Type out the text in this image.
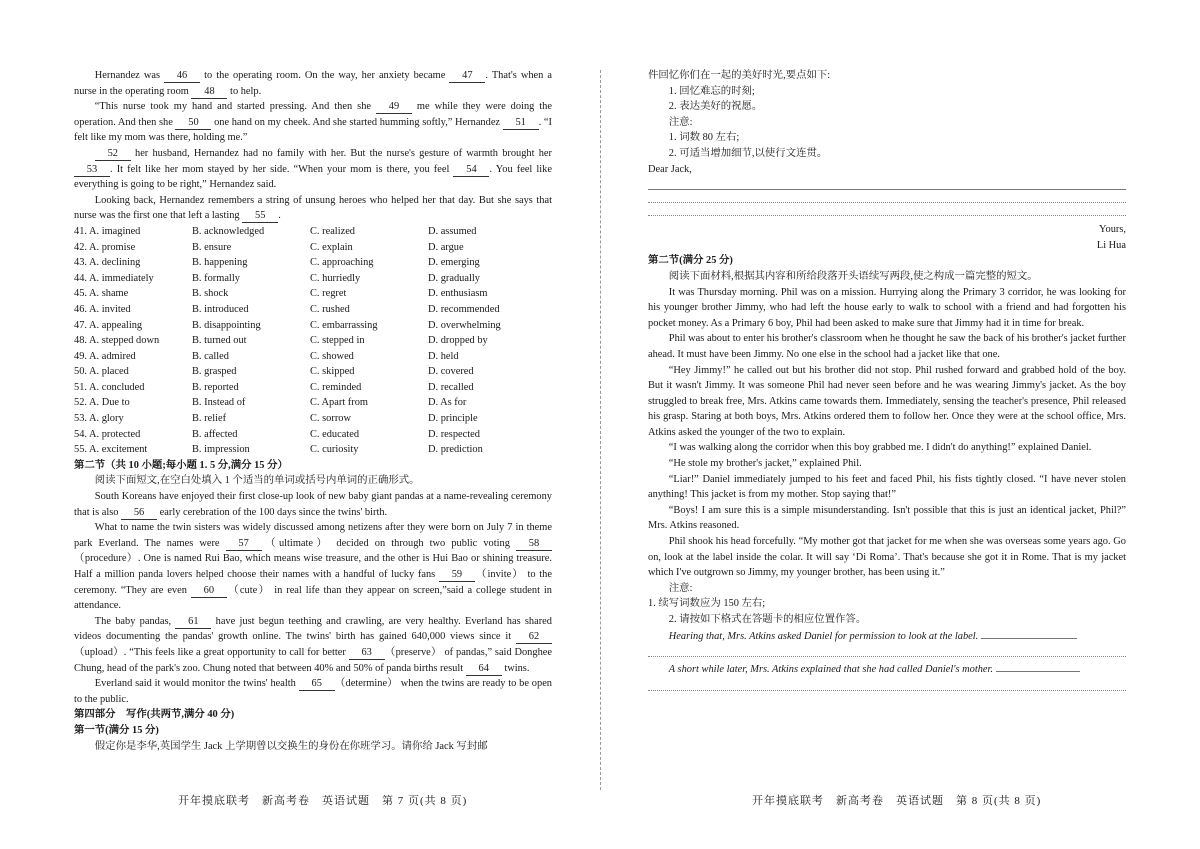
Hernandez was 46 to the operating room. On the way, her anxiety became 47 . That's when a nurse in the operating room 48 to help.

“This nurse took my hand and started pressing. And then she 49 me while they were doing the operation. And then she 50 one hand on my cheek. And she started humming softly,” Hernandez 51 . “I felt like my mom was there, holding me.”

52 her husband, Hernandez had no family with her. But the nurse's gesture of warmth brought her 53 . It felt like her mom stayed by her side. “When your mom is there, you feel 54 . You feel like everything is going to be right,” Hernandez said.

Looking back, Hernandez remembers a string of unsung heroes who helped her that day. But she says that nurse was the first one that left a lasting 55 .

41. A. imagined	B. acknowledged	C. realized	D. assumed
42. A. promise	B. ensure	C. explain	D. argue
43. A. declining	B. happening	C. approaching	D. emerging
44. A. immediately	B. formally	C. hurriedly	D. gradually
45. A. shame	B. shock	C. regret	D. enthusiasm
46. A. invited	B. introduced	C. rushed	D. recommended
47. A. appealing	B. disappointing	C. embarrassing	D. overwhelming
48. A. stepped down	B. turned out	C. stepped in	D. dropped by
49. A. admired	B. called	C. showed	D. held
50. A. placed	B. grasped	C. skipped	D. covered
51. A. concluded	B. reported	C. reminded	D. recalled
52. A. Due to	B. Instead of	C. Apart from	D. As for
53. A. glory	B. relief	C. sorrow	D. principle
54. A. protected	B. affected	C. educated	D. respected
55. A. excitement	B. impression	C. curiosity	D. prediction

第二节（共 10 小题;每小题 1. 5 分,满分 15 分）

阅读下面短文,在空白处填入 1 个适当的单词或括号内单词的正确形式。

South Koreans have enjoyed their first close-up look of new baby giant pandas at a name-revealing ceremony that is also 56 early cerebration of the 100 days since the twins' birth.

What to name the twin sisters was widely discussed among netizens after they were born on July 7 in theme park Everland. The names were 57 （ultimate） decided on through two public voting 58（procedure）. One is named Rui Bao, which means wise treasure, and the other is Hui Bao or shining treasure. Half a million panda lovers helped choose their names with a handful of lucky fans 59 （invite） to the ceremony. “They are even 60 （cute） in real life than they appear on screen,”said a college student in attendance.

The baby pandas, 61 have just begun teething and crawling, are very healthy. Everland has shared videos documenting the pandas' growth online. The twins' birth has gained 640,000 views since it 62（upload）. “This feels like a great opportunity to call for better 63 （preserve） of pandas,” said Donghee Chung, head of the park's zoo. Chung noted that between 40% and 50% of panda births result 64 twins.

Everland said it would monitor the twins' health 65 （determine） when the twins are ready to be open to the public.

第四部分　写作(共两节,满分 40 分)

第一节(满分 15 分)

假定你是李华,英国学生 Jack 上学期曾以交换生的身份在你班学习。请你给 Jack 写封邮

件回忆你们在一起的美好时光,要点如下:

1. 回忆难忘的时刻;

2. 表达美好的祝愿。

注意:

1. 词数 80 左右;

2. 可适当增加细节,以使行文连贯。

Dear Jack,

Yours,

Li Hua

第二节(满分 25 分)

阅读下面材料,根据其内容和所给段落开头语续写两段,使之构成一篇完整的短文。

It was Thursday morning. Phil was on a mission. Hurrying along the Primary 3 corridor, he was looking for his younger brother Jimmy, who had left the house early to walk to school with a friend and had forgotten his pocket money. As a Primary 6 boy, Phil had been asked to make sure that Jimmy had it in time for break.

Phil was about to enter his brother's classroom when he thought he saw the back of his brother's jacket further ahead. It must have been Jimmy. No one else in the school had a jacket like that one.

“Hey Jimmy!” he called out but his brother did not stop. Phil rushed forward and grabbed hold of the boy. But it wasn't Jimmy. It was someone Phil had never seen before and he was wearing Jimmy's jacket. As the boy struggled to break free, Mrs. Atkins came towards them. Immediately, sensing the teacher's presence, Phil released his grasp. Staring at both boys, Mrs. Atkins ordered them to follow her. Once they were at the school office, Mrs. Atkins asked the younger of the two to explain.

“I was walking along the corridor when this boy grabbed me. I didn't do anything!” explained Daniel.

“He stole my brother's jacket,” explained Phil.

“Liar!” Daniel immediately jumped to his feet and faced Phil, his fists tightly closed. “I have never stolen anything! This jacket is from my mother. Stop saying that!”

“Boys! I am sure this is a simple misunderstanding. Isn't possible that this is just an identical jacket, Phil?” Mrs. Atkins reasoned.

Phil shook his head forcefully. “My mother got that jacket for me when she was overseas some years ago. Go on, look at the label inside the colar. It will say ‘Di Roma’. That's because she got it in Rome. That is my jacket which I've outgrown so Jimmy, my younger brother, has been using it.”

注意:

1. 续写词数应为 150 左右;

2. 请按如下格式在答题卡的相应位置作答。

Hearing that, Mrs. Atkins asked Daniel for permission to look at the label.

A short while later, Mrs. Atkins explained that she had called Daniel's mother.

开年摸底联考　新高考卷　英语试题　第 7 页(共 8 页)	开年摸底联考　新高考卷　英语试题　第 8 页(共 8 页)
